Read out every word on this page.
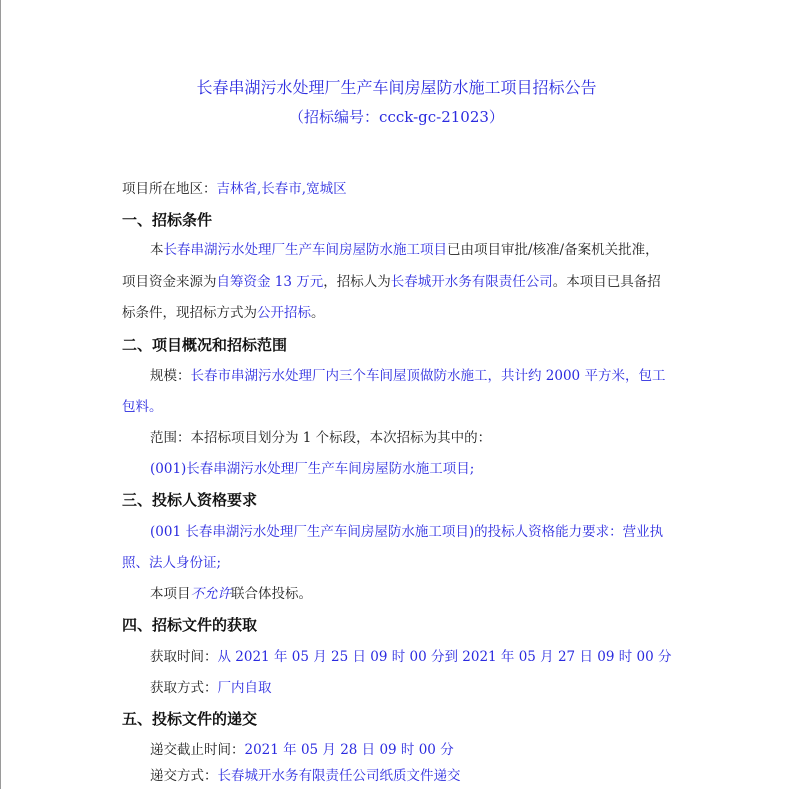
长春串湖污水处理厂生产车间房屋防水施工项目招标公告
（招标编号：ccck-gc-21023）
项目所在地区：吉林省,长春市,宽城区
一、招标条件
本长春串湖污水处理厂生产车间房屋防水施工项目已由项目审批/核准/备案机关批准，
项目资金来源为自筹资金 13 万元，招标人为长春城开水务有限责任公司。本项目已具备招
标条件，现招标方式为公开招标。
二、项目概况和招标范围
规模：长春市串湖污水处理厂内三个车间屋顶做防水施工，共计约 2000 平方米，包工
包料。
范围：本招标项目划分为 1 个标段，本次招标为其中的：
(001)长春串湖污水处理厂生产车间房屋防水施工项目;
三、投标人资格要求
(001 长春串湖污水处理厂生产车间房屋防水施工项目)的投标人资格能力要求：营业执
照、法人身份证;
本项目不允许联合体投标。
四、招标文件的获取
获取时间：从 2021 年 05 月 25 日 09 时 00 分到 2021 年 05 月 27 日 09 时 00 分
获取方式：厂内自取
五、投标文件的递交
递交截止时间：2021 年 05 月 28 日 09 时 00 分
递交方式：长春城开水务有限责任公司纸质文件递交
